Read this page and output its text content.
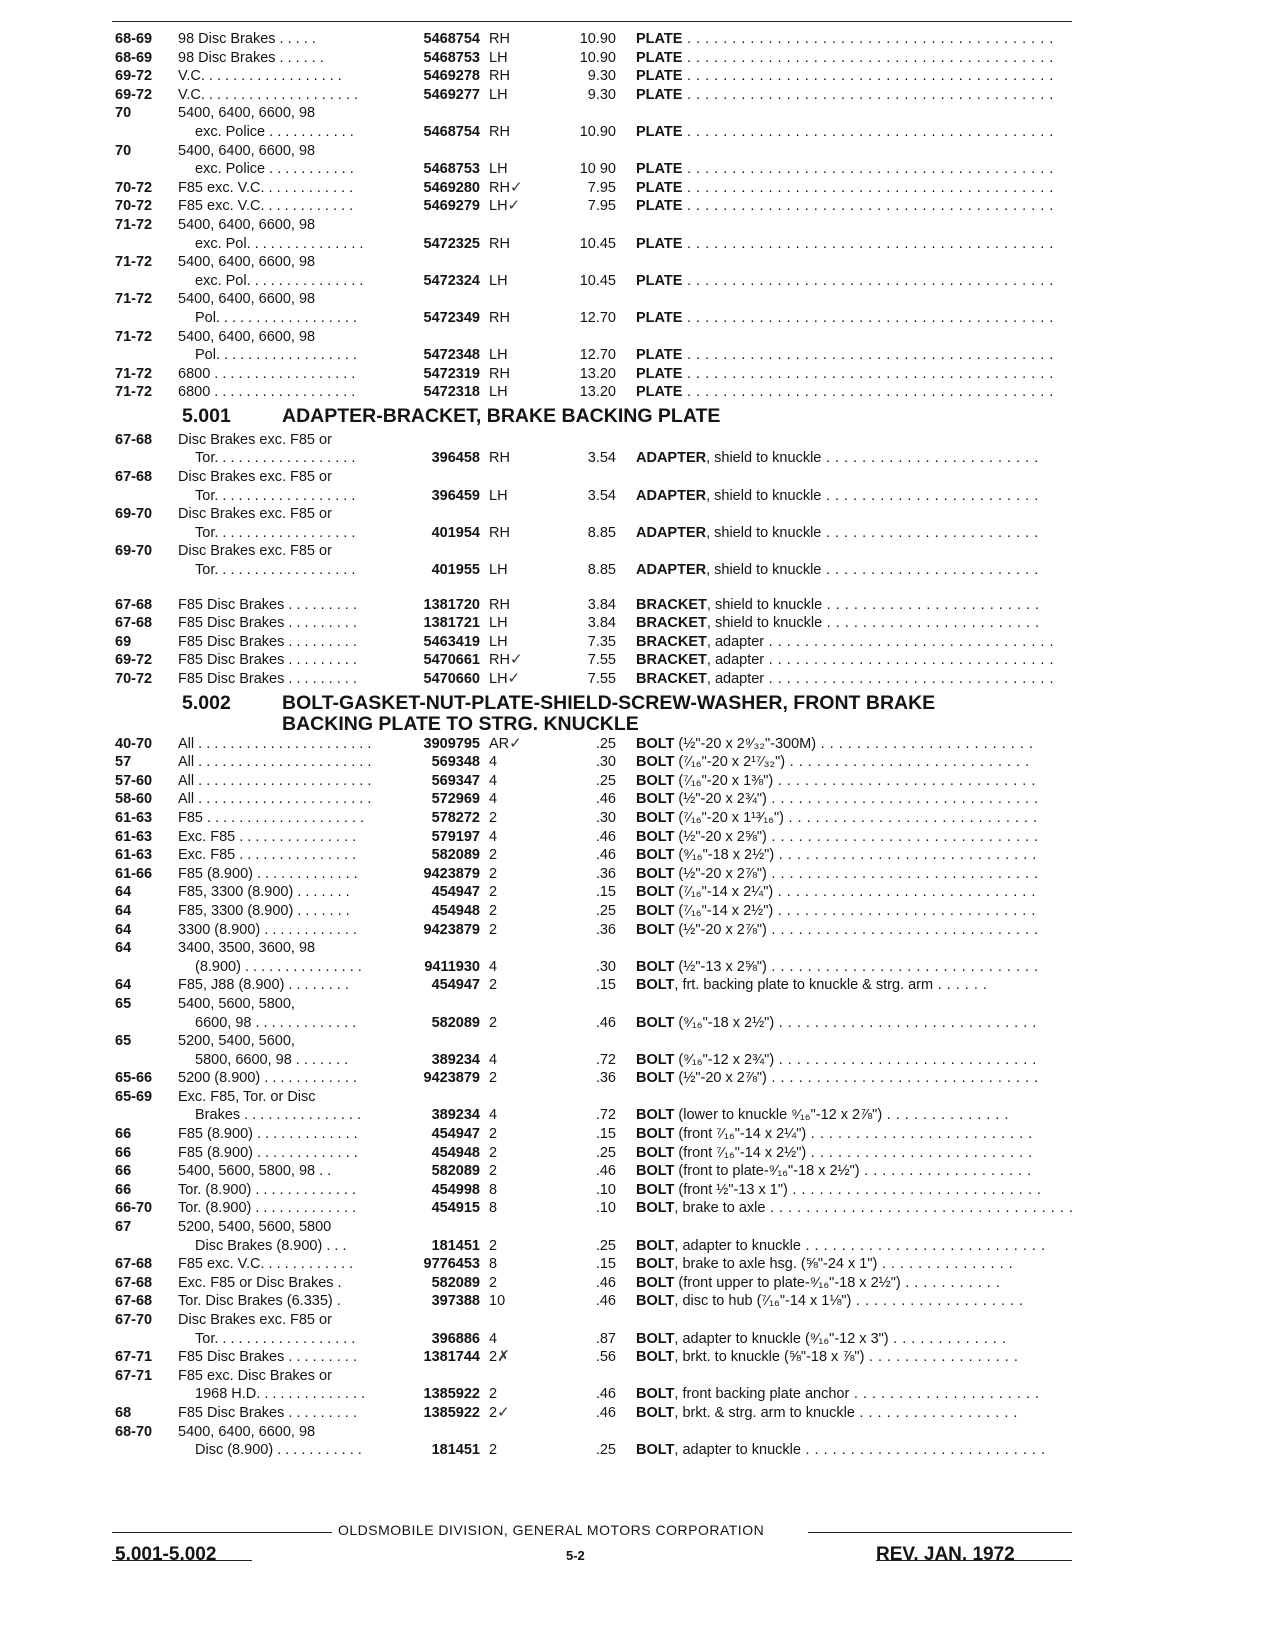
68-69 98 Disc Brakes . . . . .	5468754 RH	10.90 PLATE . . . . . . . . . . . . . . . . . . . . . . . . . . . . . . . . . . . . . . . . .
68-69 98 Disc Brakes . . . . . .	5468753 LH	10.90 PLATE . . . . . . . . . . . . . . . . . . . . . . . . . . . . . . . . . . . . . . . . .
69-72 V.C. . . . . . . . . . . . . . . . . .	5469278 RH	9.30 PLATE . . . . . . . . . . . . . . . . . . . . . . . . . . . . . . . . . . . . . . . . .
69-72 V.C. . . . . . . . . . . . . . . . . . . .	5469277 LH	9.30 PLATE . . . . . . . . . . . . . . . . . . . . . . . . . . . . . . . . . . . . . . . . .
70	5400, 6400, 6600, 98
exc. Police . . . . . . . . . . .	5468754 RH	10.90 PLATE . . . . . . . . . . . . . . . . . . . . . . . . . . . . . . . . . . . . . . . . .
70	5400, 6400, 6600, 98
exc. Police . . . . . . . . . . .	5468753 LH	10 90 PLATE . . . . . . . . . . . . . . . . . . . . . . . . . . . . . . . . . . . . . . . . .
70-72 F85 exc. V.C. . . . . . . . . . . .	5469280 RH✓	7.95 PLATE . . . . . . . . . . . . . . . . . . . . . . . . . . . . . . . . . . . . . . . . .
70-72 F85 exc. V.C. . . . . . . . . . . .	5469279 LH✓	7.95 PLATE . . . . . . . . . . . . . . . . . . . . . . . . . . . . . . . . . . . . . . . . .
71-72 5400, 6400, 6600, 98
exc. Pol. . . . . . . . . . . . . . .	5472325 RH	10.45 PLATE . . . . . . . . . . . . . . . . . . . . . . . . . . . . . . . . . . . . . . . . .
71-72 5400, 6400, 6600, 98
exc. Pol. . . . . . . . . . . . . . .	5472324 LH	10.45 PLATE . . . . . . . . . . . . . . . . . . . . . . . . . . . . . . . . . . . . . . . . .
71-72 5400, 6400, 6600, 98
Pol. . . . . . . . . . . . . . . . . .	5472349 RH	12.70 PLATE . . . . . . . . . . . . . . . . . . . . . . . . . . . . . . . . . . . . . . . . .
71-72 5400, 6400, 6600, 98
Pol. . . . . . . . . . . . . . . . . .	5472348 LH	12.70 PLATE . . . . . . . . . . . . . . . . . . . . . . . . . . . . . . . . . . . . . . . . .
71-72 6800 . . . . . . . . . . . . . . . . . .	5472319 RH	13.20 PLATE . . . . . . . . . . . . . . . . . . . . . . . . . . . . . . . . . . . . . . . . .
71-72 6800 . . . . . . . . . . . . . . . . . .	5472318 LH	13.20 PLATE . . . . . . . . . . . . . . . . . . . . . . . . . . . . . . . . . . . . . . . . .
5.001	ADAPTER-BRACKET, BRAKE BACKING PLATE
67-68 Disc Brakes exc. F85 or
Tor. . . . . . . . . . . . . . . . . .	396458 RH	3.54 ADAPTER, shield to knuckle . . . . . . . . . . . . . . . . . . . . . . . .
67-68 Disc Brakes exc. F85 or
Tor. . . . . . . . . . . . . . . . . .	396459 LH	3.54 ADAPTER, shield to knuckle . . . . . . . . . . . . . . . . . . . . . . . .
69-70 Disc Brakes exc. F85 or
Tor. . . . . . . . . . . . . . . . . .	401954 RH	8.85 ADAPTER, shield to knuckle . . . . . . . . . . . . . . . . . . . . . . . .
69-70 Disc Brakes exc. F85 or
Tor. . . . . . . . . . . . . . . . . .	401955 LH	8.85 ADAPTER, shield to knuckle . . . . . . . . . . . . . . . . . . . . . . . .
67-68 F85 Disc Brakes . . . . . . . . .	1381720 RH	3.84 BRACKET, shield to knuckle . . . . . . . . . . . . . . . . . . . . . . . .
67-68 F85 Disc Brakes . . . . . . . . .	1381721 LH	3.84 BRACKET, shield to knuckle . . . . . . . . . . . . . . . . . . . . . . . .
69	F85 Disc Brakes . . . . . . . . .	5463419 LH	7.35 BRACKET, adapter . . . . . . . . . . . . . . . . . . . . . . . . . . . . . . . .
69-72 F85 Disc Brakes . . . . . . . . .	5470661 RH✓	7.55 BRACKET, adapter . . . . . . . . . . . . . . . . . . . . . . . . . . . . . . . .
70-72 F85 Disc Brakes . . . . . . . . .	5470660 LH✓	7.55 BRACKET, adapter . . . . . . . . . . . . . . . . . . . . . . . . . . . . . . . .
5.002	BOLT-GASKET-NUT-PLATE-SHIELD-SCREW-WASHER, FRONT BRAKE
BACKING PLATE TO STRG. KNUCKLE
40-70 All . . . . . . . . . . . . . . . . . . . . . .	3909795 AR✓	.25 BOLT (½"-20 x 2⁹⁄₃₂"-300M) . . . . . . . . . . . . . . . . . . . . . . . .
57	All . . . . . . . . . . . . . . . . . . . . . .	569348 4	.30 BOLT (⁷⁄₁₆"-20 x 2¹⁷⁄₃₂") . . . . . . . . . . . . . . . . . . . . . . . . . . .
57-60 All . . . . . . . . . . . . . . . . . . . . . .	569347 4	.25 BOLT (⁷⁄₁₆"-20 x 1⅜") . . . . . . . . . . . . . . . . . . . . . . . . . . . . .
58-60 All . . . . . . . . . . . . . . . . . . . . . .	572969 4	.46 BOLT (½"-20 x 2¾") . . . . . . . . . . . . . . . . . . . . . . . . . . . . . .
61-63 F85 . . . . . . . . . . . . . . . . . . . .	578272 2	.30 BOLT (⁷⁄₁₆"-20 x 1¹³⁄₁₆") . . . . . . . . . . . . . . . . . . . . . . . . . . . .
61-63 Exc. F85 . . . . . . . . . . . . . . .	579197 4	.46 BOLT (½"-20 x 2⅝") . . . . . . . . . . . . . . . . . . . . . . . . . . . . . .
61-63 Exc. F85 . . . . . . . . . . . . . . .	582089 2	.46 BOLT (⁹⁄₁₆"-18 x 2½") . . . . . . . . . . . . . . . . . . . . . . . . . . . . .
61-66 F85 (8.900) . . . . . . . . . . . . .	9423879 2	.36 BOLT (½"-20 x 2⅞") . . . . . . . . . . . . . . . . . . . . . . . . . . . . . .
64	F85, 3300 (8.900) . . . . . . .	454947 2	.15 BOLT (⁷⁄₁₆"-14 x 2¼") . . . . . . . . . . . . . . . . . . . . . . . . . . . . .
64	F85, 3300 (8.900) . . . . . . .	454948 2	.25 BOLT (⁷⁄₁₆"-14 x 2½") . . . . . . . . . . . . . . . . . . . . . . . . . . . . .
64	3300 (8.900) . . . . . . . . . . . .	9423879 2	.36 BOLT (½"-20 x 2⅞") . . . . . . . . . . . . . . . . . . . . . . . . . . . . . .
64	3400, 3500, 3600, 98
(8.900) . . . . . . . . . . . . . . .	9411930 4	.30 BOLT (½"-13 x 2⅝") . . . . . . . . . . . . . . . . . . . . . . . . . . . . . .
64	F85, J88 (8.900) . . . . . . . .	454947 2	.15 BOLT, frt. backing plate to knuckle & strg. arm . . . . . .
65	5400, 5600, 5800,
6600, 98 . . . . . . . . . . . . .	582089 2	.46 BOLT (⁹⁄₁₆"-18 x 2½") . . . . . . . . . . . . . . . . . . . . . . . . . . . . .
65	5200, 5400, 5600,
5800, 6600, 98 . . . . . . .	389234 4	.72 BOLT (⁹⁄₁₆"-12 x 2¾") . . . . . . . . . . . . . . . . . . . . . . . . . . . . .
65-66 5200 (8.900) . . . . . . . . . . . .	9423879 2	.36 BOLT (½"-20 x 2⅞") . . . . . . . . . . . . . . . . . . . . . . . . . . . . . .
65-69 Exc. F85, Tor. or Disc
Brakes . . . . . . . . . . . . . . .	389234 4	.72 BOLT (lower to knuckle ⁹⁄₁₆"-12 x 2⅞") . . . . . . . . . . . . . .
66	F85 (8.900) . . . . . . . . . . . . .	454947 2	.15 BOLT (front ⁷⁄₁₆"-14 x 2¼") . . . . . . . . . . . . . . . . . . . . . . . . .
66	F85 (8.900) . . . . . . . . . . . . .	454948 2	.25 BOLT (front ⁷⁄₁₆"-14 x 2½") . . . . . . . . . . . . . . . . . . . . . . . . .
66	5400, 5600, 5800, 98 . .	582089 2	.46 BOLT (front to plate-⁹⁄₁₆"-18 x 2½") . . . . . . . . . . . . . . . . . . .
66	Tor. (8.900) . . . . . . . . . . . . .	454998 8	.10 BOLT (front ½"-13 x 1") . . . . . . . . . . . . . . . . . . . . . . . . . . . .
66-70 Tor. (8.900) . . . . . . . . . . . . .	454915 8	.10 BOLT, brake to axle . . . . . . . . . . . . . . . . . . . . . . . . . . . . . . . . . .
67	5200, 5400, 5600, 5800
Disc Brakes (8.900) . . .	181451 2	.25 BOLT, adapter to knuckle . . . . . . . . . . . . . . . . . . . . . . . . . . .
67-68 F85 exc. V.C. . . . . . . . . . . .	9776453 8	.15 BOLT, brake to axle hsg. (⅝"-24 x 1") . . . . . . . . . . . . . . .
67-68 Exc. F85 or Disc Brakes .	582089 2	.46 BOLT (front upper to plate-⁹⁄₁₆"-18 x 2½") . . . . . . . . . . .
67-68 Tor. Disc Brakes (6.335) .	397388 10	.46 BOLT, disc to hub (⁷⁄₁₆"-14 x 1⅛") . . . . . . . . . . . . . . . . . . .
67-70 Disc Brakes exc. F85 or
Tor. . . . . . . . . . . . . . . . . .	396886 4	.87 BOLT, adapter to knuckle (⁹⁄₁₆"-12 x 3") . . . . . . . . . . . . .
67-71 F85 Disc Brakes . . . . . . . . .	1381744 2✗	.56 BOLT, brkt. to knuckle (⅝"-18 x ⅞") . . . . . . . . . . . . . . . . .
67-71 F85 exc. Disc Brakes or
1968 H.D. . . . . . . . . . . . . .	1385922 2	.46 BOLT, front backing plate anchor . . . . . . . . . . . . . . . . . . . . .
68	F85 Disc Brakes . . . . . . . . .	1385922 2✓	.46 BOLT, brkt. & strg. arm to knuckle . . . . . . . . . . . . . . . . . .
68-70 5400, 6400, 6600, 98
Disc (8.900) . . . . . . . . . . .	181451 2	.25 BOLT, adapter to knuckle . . . . . . . . . . . . . . . . . . . . . . . . . . .
OLDSMOBILE DIVISION, GENERAL MOTORS CORPORATION
5.001-5.002	5-2	REV. JAN. 1972
